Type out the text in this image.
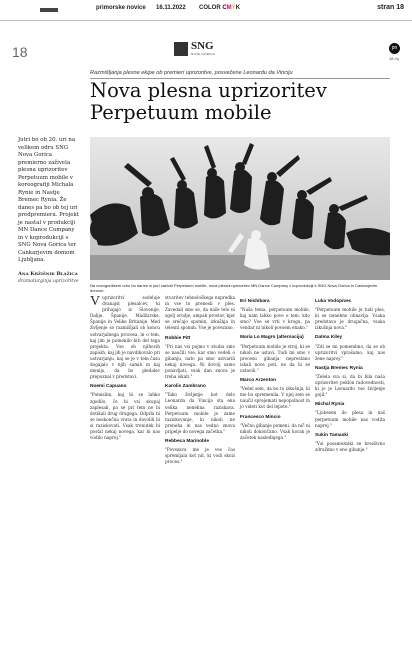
primorske novice 16.11.2022 COLOR CMYK	stran 18
18	SNG
NOVA GORICA
pn
18 /nj
Razmišljanja plesne ekipe ob premieri uprizoritve, posvečene Leonardu da Vinciju
Nova plesna uprizoritev Perpetuum mobile
Jutri bo ob 20. uri na velikem odru SNG Nova Gorica premierno zaživela plesna uprizoritev Perpetuum mobile v koreografiji Michala Rynie in Nastje Bremec Rynia. Že danes pa bo ob tej uri predpremiera. Projekt je nastal v produkciji MN Dance Company in v koprodukciji s SNG Nova Gorica ter Cankarjevim domom Ljubljana.
Ana Kržišnik Blažica
dramaturginja uprizoritve
Na novogoriškem odru bo danes in jutri zaživel Perpetuum mobile, nova plesna uprizoritev MN Dance Company v koprodukciji s SNG Nova Gorica in Cankarjevim domom.

Vuprizoritvi sodeluje dvanajst plesalcev, ki prihajajo iz Slovenije, Italije, Španije, Madžarske, Španije in Velike Britanije. Med življenje so razmišljali ob koncu ustvarjalnega procesa, in o tem, kaj jim je pomenilo biti del tega projekta. Vse ob njihovih zapisih, kaj jih je navdihovalo pri ustvarjanju, kaj se je v tem času dogajalo v njih samih in kaj menijo, da bo gledalec prepoznal v predstavi.

Noemi Capuano

"Pomislim, kaj bi se lahko zgodilo, če bi vsi skupaj zaplesali, pa se pri tem ne bi dotikali drug drugega. Odprla bi se neskončna vrata in dovolili bi si raziskovati. Vsak trenutek bi postal nekaj novega, kar bi nas vodilo naprej."

stvaritev tehnološkega napredka in vse to prenesli v ples. Zavedali smo se, da naše telo ni zgolj orodje, ampak prostor, kjer se srečajo spomin, izkušnja in telesni spomin. Vse je povezano.

Robbie Pitt

"Pri nas vsi pojmo v studiu smo se naučili vse, kar smo vedeli o gibanju, nato pa smo ustvarili nekaj novega. Ni dovolj samo ponavljati, vsak dan znova je treba iskati."

Karolis Zambrano

"Tako življenje kot delo Leonarda da Vincija sta ena velika nenehna raziskava. Perpetuum mobile je zame raziskovanje, ki nikoli ne preneha in nas vedno znova pripelje do novega začetka."

Rebbeca Marinoble

"Povezava me je ves čas spremljala kot nit, ki vodi skozi proces."

Eri Nishibara

"Naša tema, perpetuum mobile, kaj nam lahko pove o tem, kdo smo? Vse se vrti v krogu, pa vendar ni nikoli povsem enako."

Maria Lo Magro (alternacija)

"Perpetuum mobile je stroj, ki se nikoli ne ustavi. Tudi mi smo v procesu gibanja neprestano iskali nove poti, ne da bi se ustavili."

Marco Arzenton

"Vedel sem, da bo to izkušnja, ki me bo spremenila. V njej sem se naučil sprejemati nepopolnost in jo videti kot del lepote."

Francesco Mincio

"Večno gibanje pomeni, da nič ni nikoli dokončano. Vsak korak je začetek naslednjega."

Luka Vodopivec

"Perpetuum mobile je tudi ples, ki se nenehno obnavlja. Vsaka predstava je drugačna, vsaka izkušnja nova."

Dalma Kiley

"Zdi se mi pomembno, da se ob uprizoritvi vprašamo, kaj nas žene naprej."

Nastja Bremec Rynia

"Želela sva si, da bi bila naša uprizoritev poklon radovednosti, ki jo je Leonardo vse življenje gojil."

Michal Rynia

"Ljubezen do plesa in naš perpetuum mobile nas vodita naprej."

Sukin Tamaski

"Vsi posamezniki se brezšivno združimo v eno gibanje."
